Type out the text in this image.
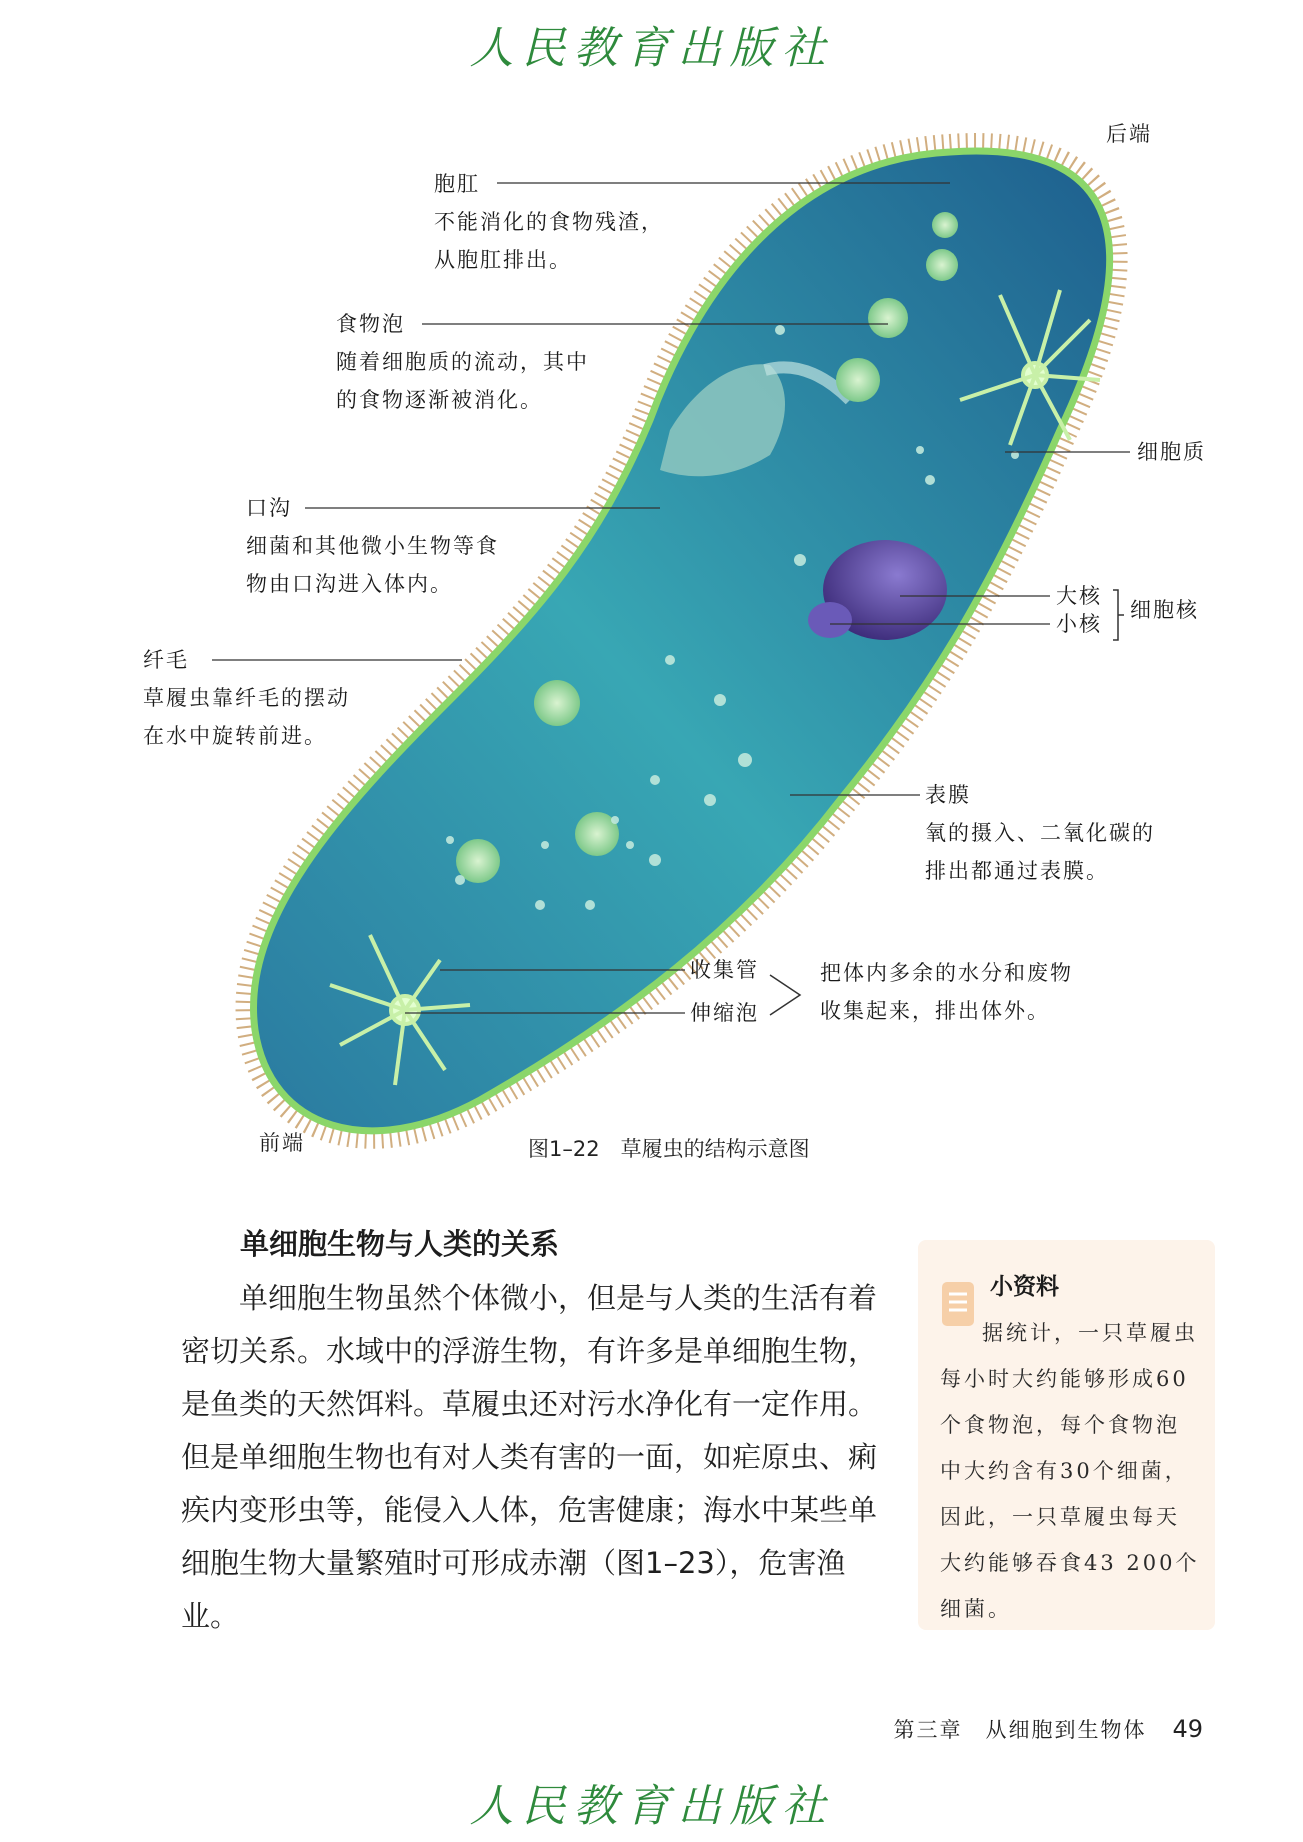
人民教育出版社
后端
前端
胞肛
不能消化的食物残渣，
从胞肛排出。
食物泡
随着细胞质的流动，其中
的食物逐渐被消化。
口沟
细菌和其他微小生物等食
物由口沟进入体内。
纤毛
草履虫靠纤毛的摆动
在水中旋转前进。
细胞质
大核
小核
细胞核
表膜
氧的摄入、二氧化碳的
排出都通过表膜。
收集管
伸缩泡
把体内多余的水分和废物
收集起来，排出体外。
图1–22　草履虫的结构示意图
单细胞生物与人类的关系

单细胞生物虽然个体微小，但是与人类的生活有着密切关系。水域中的浮游生物，有许多是单细胞生物，是鱼类的天然饵料。草履虫还对污水净化有一定作用。但是单细胞生物也有对人类有害的一面，如疟原虫、痢疾内变形虫等，能侵入人体，危害健康；海水中某些单细胞生物大量繁殖时可形成赤潮（图1–23），危害渔业。

小资料
据统计，一只草履虫每小时大约能够形成60个食物泡，每个食物泡中大约含有30个细菌，因此，一只草履虫每天大约能够吞食43 200个细菌。
第三章　从细胞到生物体 49
人民教育出版社
